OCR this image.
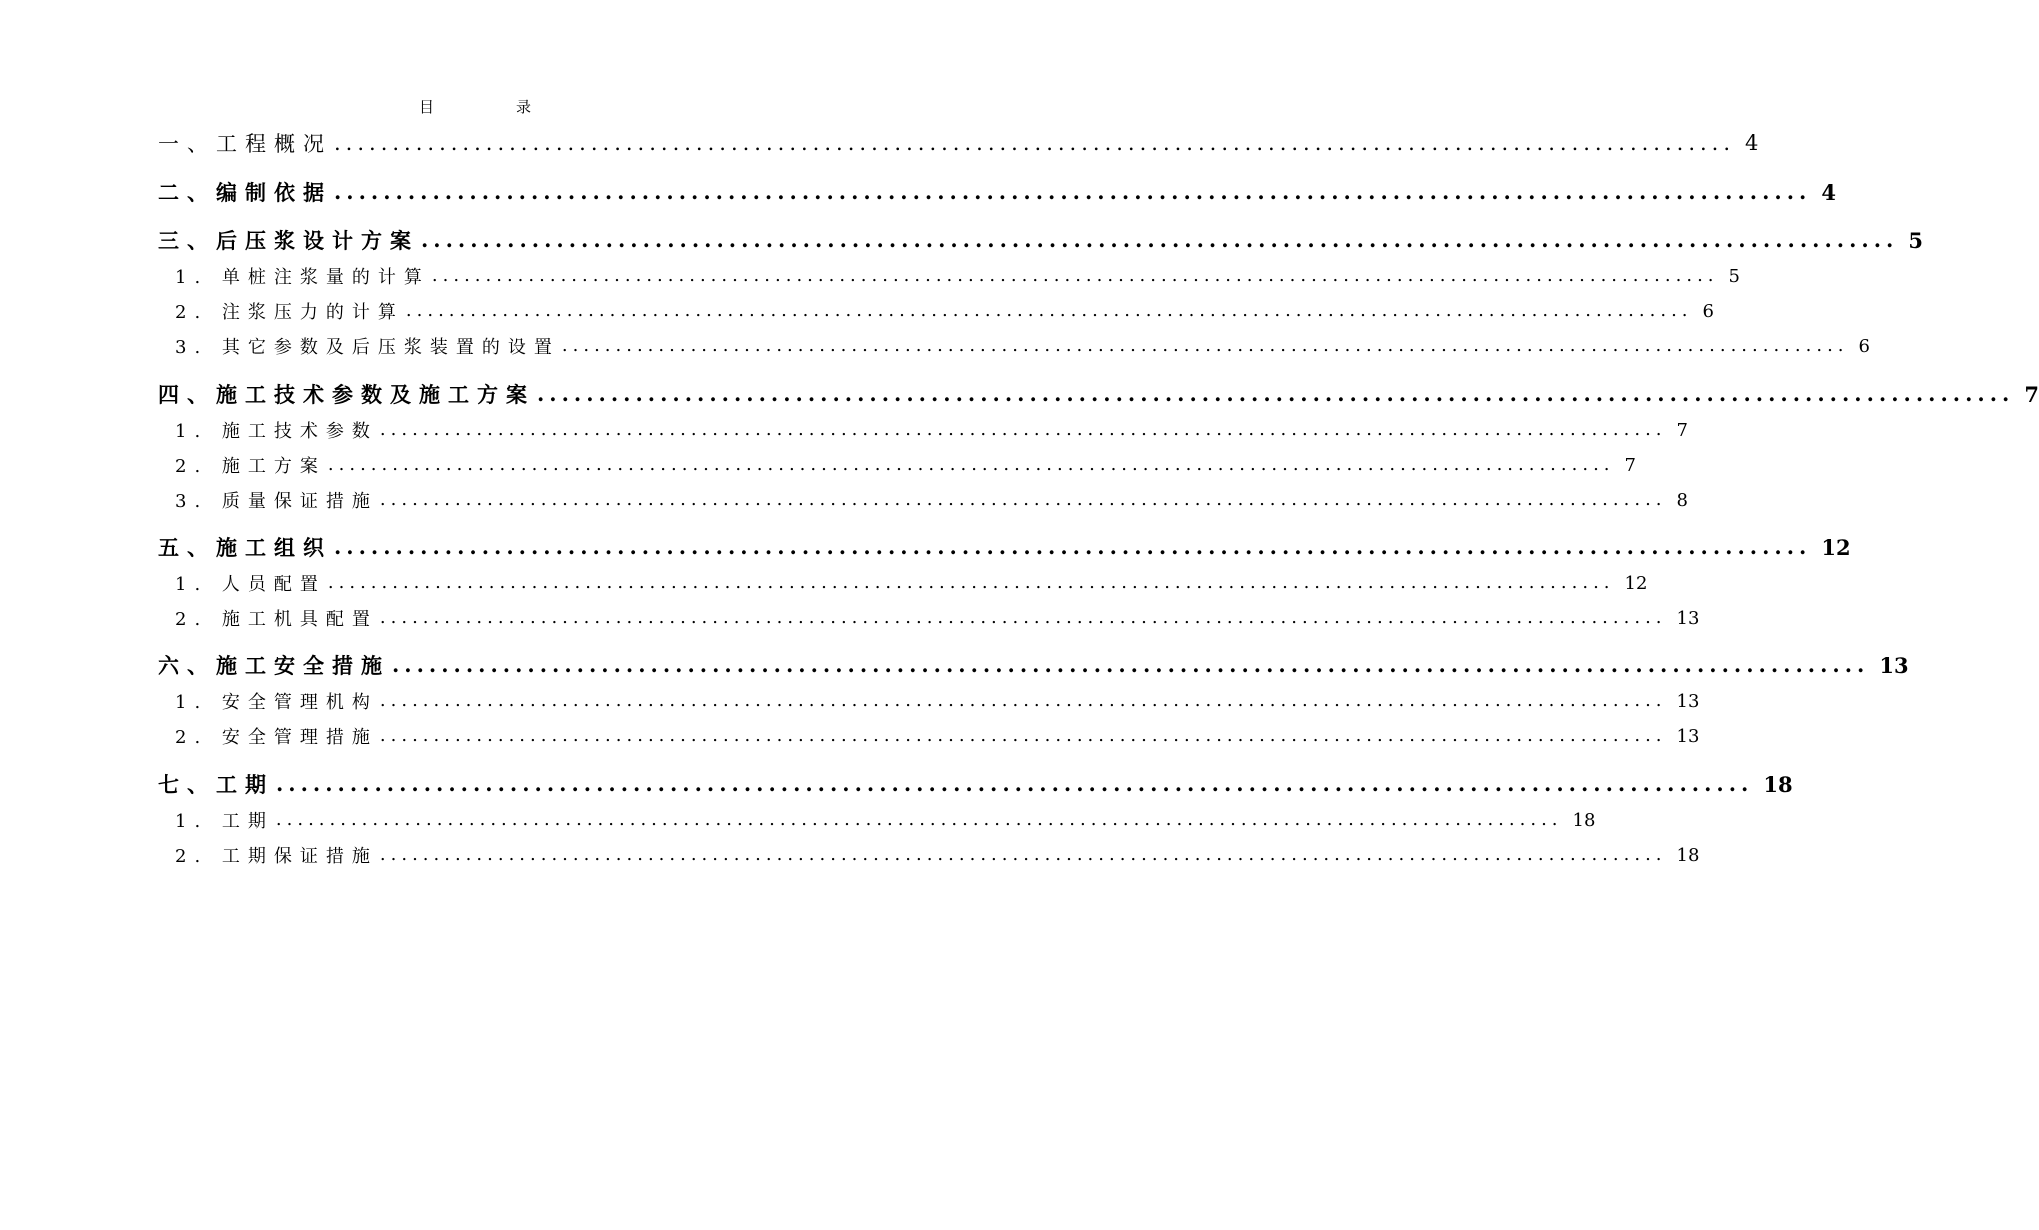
目	录
一、工程概况 ........................................................................................................................ 4
二、编制依据 ........................................................................................................................ 4
三、后压浆设计方案 ........................................................................................................................ 5
1. 单桩注浆量的计算 ........................................................................................................................ 5
2. 注浆压力的计算 ........................................................................................................................ 6
3. 其它参数及后压浆装置的设置 ........................................................................................................................ 6
四、施工技术参数及施工方案 ........................................................................................................................ 7
1. 施工技术参数 ........................................................................................................................ 7
2. 施工方案 ........................................................................................................................ 7
3. 质量保证措施 ........................................................................................................................ 8
五、施工组织 ........................................................................................................................ 12
1. 人员配置 ........................................................................................................................ 12
2. 施工机具配置 ........................................................................................................................ 13
六、施工安全措施 ........................................................................................................................ 13
1. 安全管理机构 ........................................................................................................................ 13
2. 安全管理措施 ........................................................................................................................ 13
七、工期 ........................................................................................................................ 18
1. 工期 ........................................................................................................................ 18
2. 工期保证措施 ........................................................................................................................ 18
